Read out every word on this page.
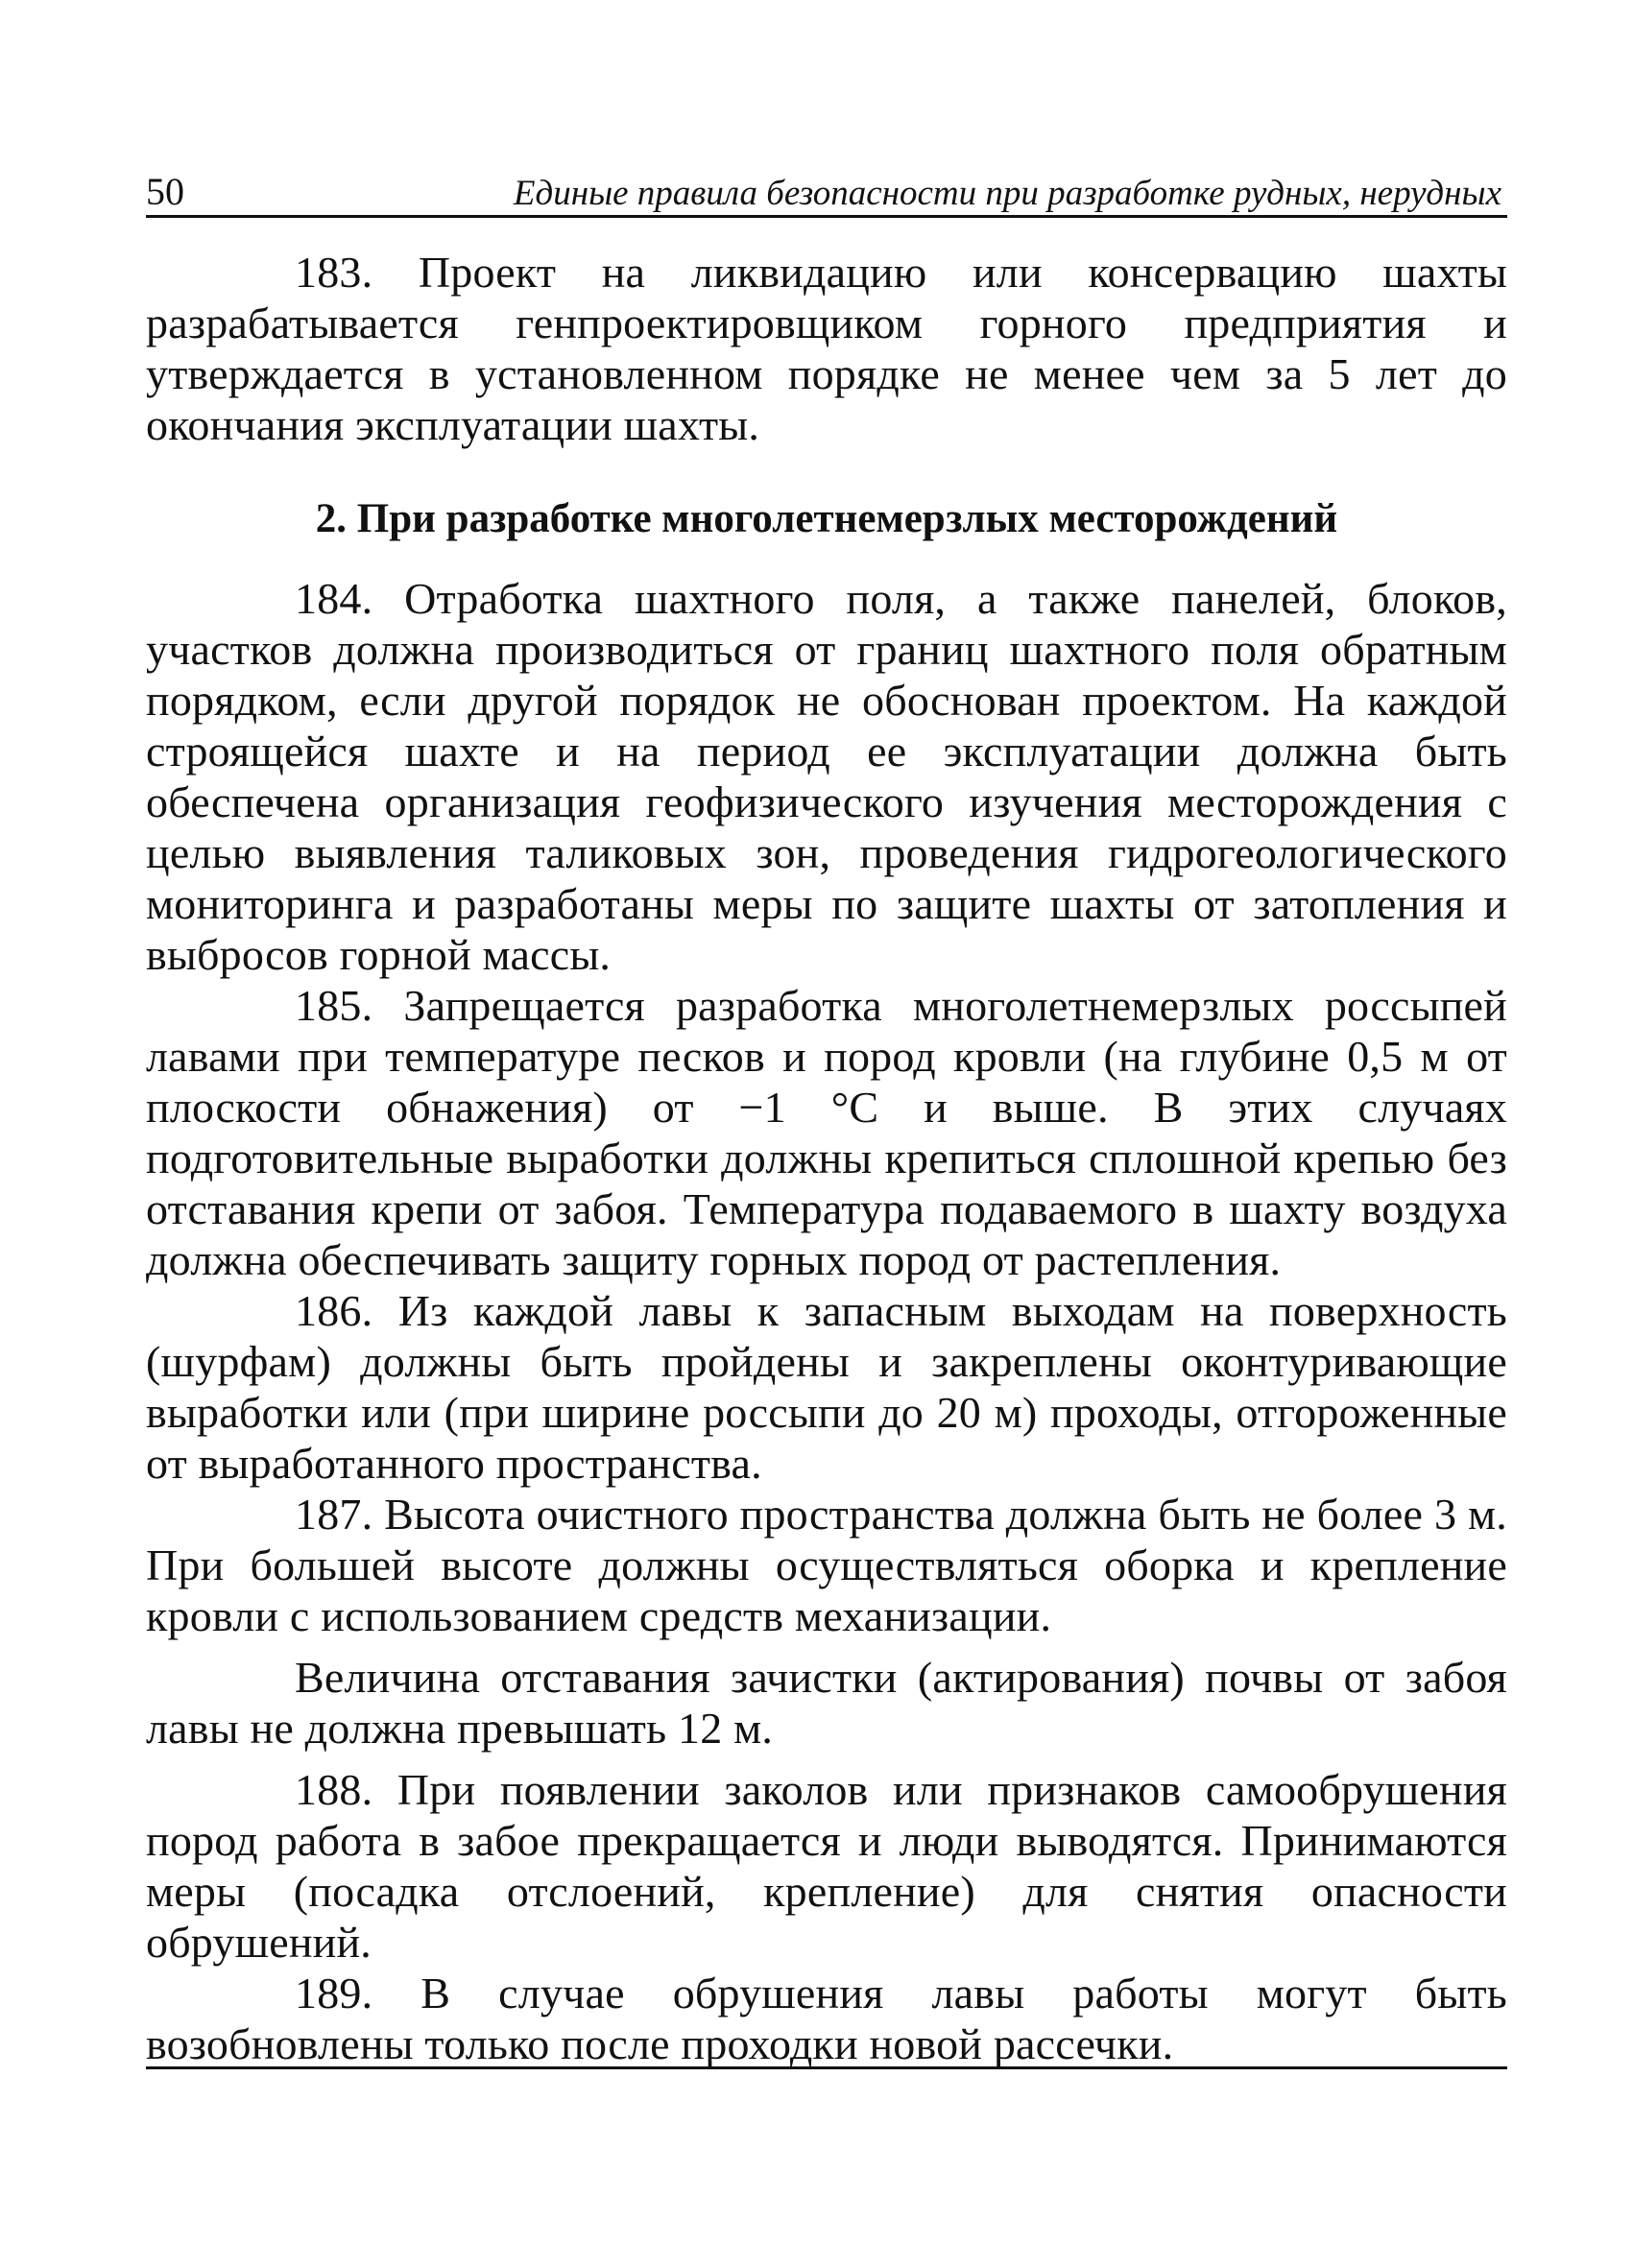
50	Единые правила безопасности при разработке рудных, нерудных

183. Проект на ликвидацию или консервацию шахты разрабатывается генпроектировщиком горного предприятия и утверждается в установленном порядке не менее чем за 5 лет до окончания эксплуатации шахты.

2. При разработке многолетнемерзлых месторождений

184. Отработка шахтного поля, а также панелей, блоков, участков должна производиться от границ шахтного поля обратным порядком, если другой порядок не обоснован проектом. На каждой строящейся шахте и на период ее эксплуатации должна быть обеспечена организация геофизического изучения месторождения с целью выявления таликовых зон, проведения гидрогеологического мониторинга и разработаны меры по защите шахты от затопления и выбросов горной массы.

185. Запрещается разработка многолетнемерзлых россыпей лавами при температуре песков и пород кровли (на глубине 0,5 м от плоскости обнажения) от −1 °С и выше. В этих случаях подготовительные выработки должны крепиться сплошной крепью без отставания крепи от забоя. Температура подаваемого в шахту воздуха должна обеспечивать защиту горных пород от растепления.

186. Из каждой лавы к запасным выходам на поверхность (шурфам) должны быть пройдены и закреплены оконтуривающие выработки или (при ширине россыпи до 20 м) проходы, отгороженные от выработанного пространства.

187. Высота очистного пространства должна быть не более 3 м. При большей высоте должны осуществляться оборка и крепление кровли с использованием средств механизации.

Величина отставания зачистки (актирования) почвы от забоя лавы не должна превышать 12 м.

188. При появлении заколов или признаков самообрушения пород работа в забое прекращается и люди выводятся. Принимаются меры (посадка отслоений, крепление) для снятия опасности обрушений.

189. В случае обрушения лавы работы могут быть возобновлены только после проходки новой рассечки.
